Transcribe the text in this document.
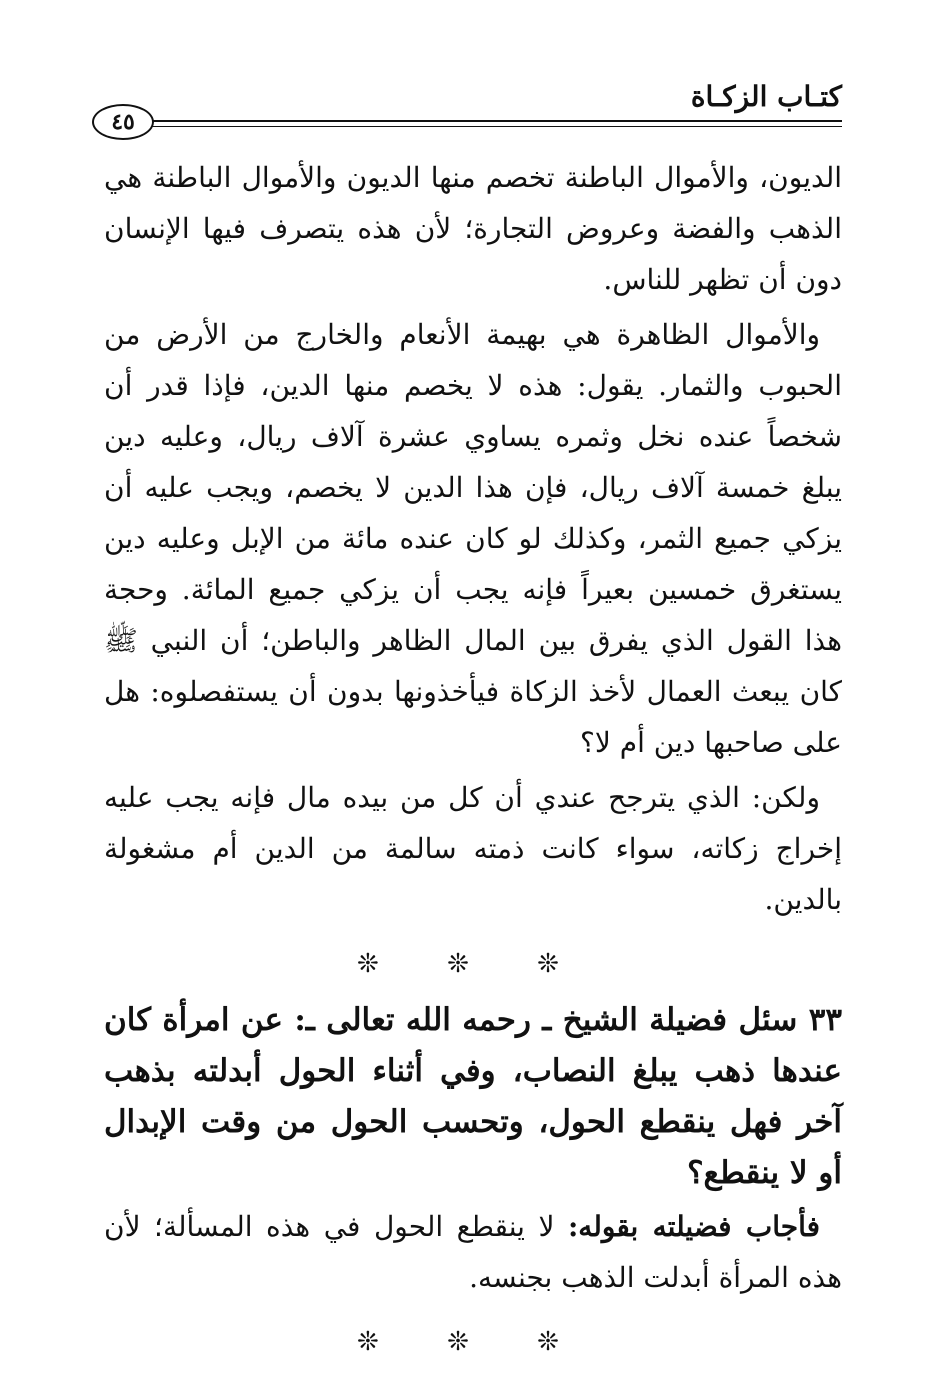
كتـاب الزكـاة
٤٥

الديون، والأموال الباطنة تخصم منها الديون والأموال الباطنة هي الذهب والفضة وعروض التجارة؛ لأن هذه يتصرف فيها الإنسان دون أن تظهر للناس.

والأموال الظاهرة هي بهيمة الأنعام والخارج من الأرض من الحبوب والثمار. يقول: هذه لا يخصم منها الدين، فإذا قدر أن شخصاً عنده نخل وثمره يساوي عشرة آلاف ريال، وعليه دين يبلغ خمسة آلاف ريال، فإن هذا الدين لا يخصم، ويجب عليه أن يزكي جميع الثمر، وكذلك لو كان عنده مائة من الإبل وعليه دين يستغرق خمسين بعيراً فإنه يجب أن يزكي جميع المائة. وحجة هذا القول الذي يفرق بين المال الظاهر والباطن؛ أن النبي ﷺ كان يبعث العمال لأخذ الزكاة فيأخذونها بدون أن يستفصلوه: هل على صاحبها دين أم لا؟

ولكن: الذي يترجح عندي أن كل من بيده مال فإنه يجب عليه إخراج زكاته، سواء كانت ذمته سالمة من الدين أم مشغولة بالدين.

❊ ❊ ❊

٣٣ سئل فضيلة الشيخ ـ رحمه الله تعالى ـ: عن امرأة كان عندها ذهب يبلغ النصاب، وفي أثناء الحول أبدلته بذهب آخر فهل ينقطع الحول، وتحسب الحول من وقت الإبدال أو لا ينقطع؟

فأجاب فضيلته بقوله: لا ينقطع الحول في هذه المسألة؛ لأن هذه المرأة أبدلت الذهب بجنسه.

❊ ❊ ❊
